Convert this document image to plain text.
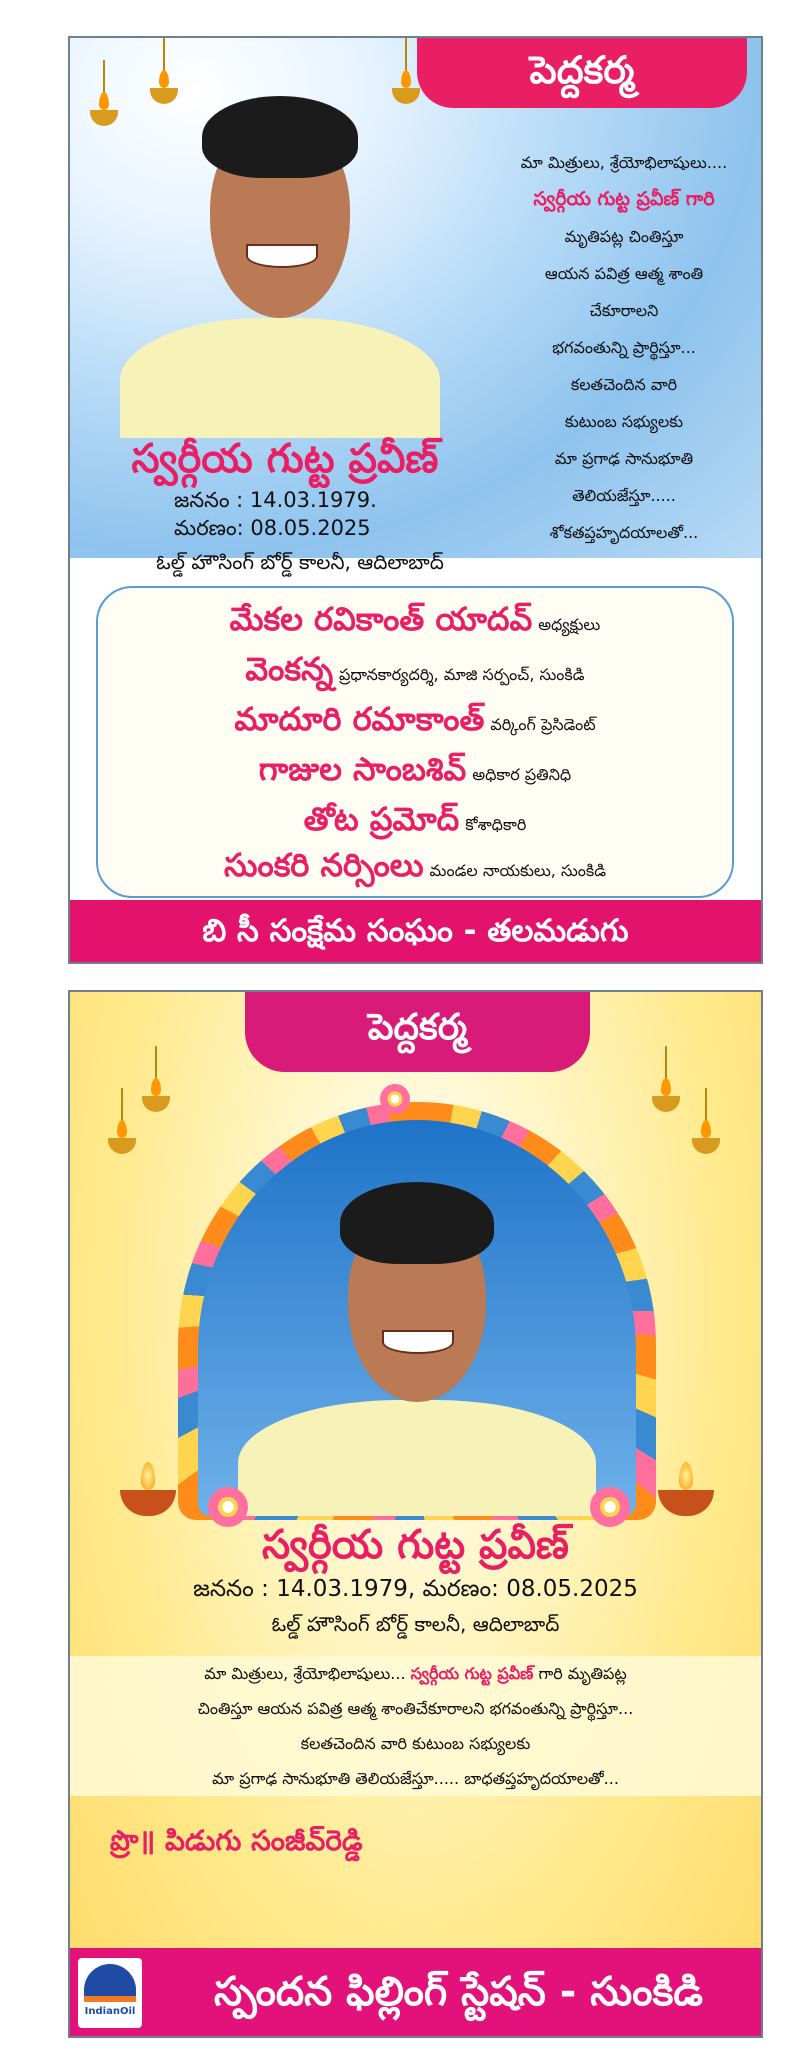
పెద్దకర్మ
స్వర్గీయ గుట్ట ప్రవీణ్
జననం : 14.03.1979.
మరణం: 08.05.2025
ఓల్డ్ హౌసింగ్ బోర్డ్ కాలనీ, ఆదిలాబాద్
మా మిత్రులు, శ్రేయోభిలాషులు....
స్వర్గీయ గుట్ట ప్రవీణ్ గారి
మృతిపట్ల చింతిస్తూ
ఆయన పవిత్ర ఆత్మ శాంతి
చేకూరాలని
భగవంతున్ని ప్రార్థిస్తూ...
కలతచెందిన వారి
కుటుంబ సభ్యులకు
మా ప్రగాఢ సానుభూతి
తెలియజేస్తూ.....
శోకతప్తహృదయాలతో...
మేకల రవికాంత్ యాదవ్ అధ్యక్షులు
వెంకన్న ప్రధానకార్యదర్శి, మాజి సర్పంచ్, సుంకిడి
మాదూరి రమాకాంత్ వర్కింగ్ ప్రెసిడెంట్
గాజుల సాంబశివ్ అధికార ప్రతినిధి
తోట ప్రమోద్ కోశాధికారి
సుంకరి నర్సింలు మండల నాయకులు, సుంకిడి
బి సీ సంక్షేమ సంఘం - తలమడుగు
పెద్దకర్మ
స్వర్గీయ గుట్ట ప్రవీణ్
జననం : 14.03.1979, మరణం: 08.05.2025
ఓల్డ్ హౌసింగ్ బోర్డ్ కాలనీ, ఆదిలాబాద్
మా మిత్రులు, శ్రేయోభిలాషులు... స్వర్గీయ గుట్ట ప్రవీణ్ గారి మృతిపట్ల
చింతిస్తూ ఆయన పవిత్ర ఆత్మ శాంతిచేకూరాలని భగవంతున్ని ప్రార్థిస్తూ...
కలతచెందిన వారి కుటుంబ సభ్యులకు
మా ప్రగాఢ సానుభూతి తెలియజేస్తూ..... బాధతప్తహృదయాలతో...
ప్రొ॥ పిడుగు సంజీవ్‌రెడ్డి
IndianOil	స్పందన ఫిల్లింగ్ స్టేషన్ - సుంకిడి
